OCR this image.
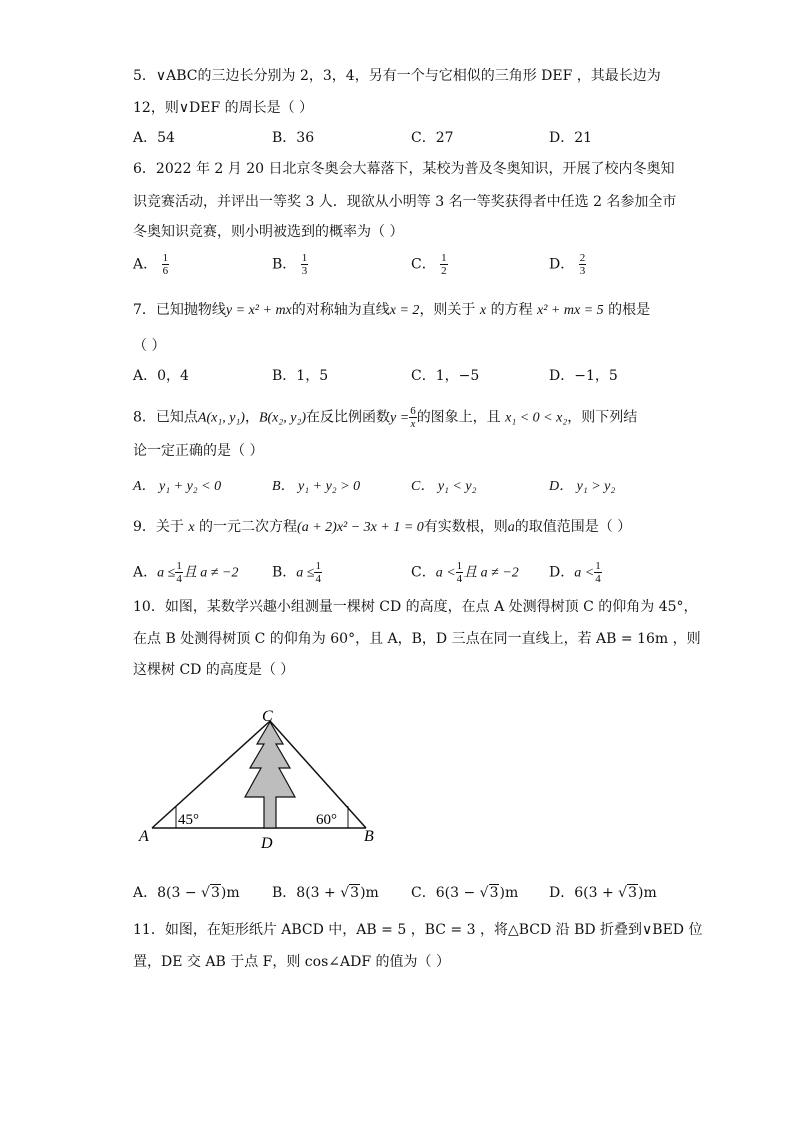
5．∨ABC的三边长分别为 2，3，4，另有一个与它相似的三角形 DEF ，其最长边为
12，则∨DEF 的周长是（ ）
A．54	B．36	C．27	D．21
6．2022 年 2 月 20 日北京冬奥会大幕落下，某校为普及冬奥知识，开展了校内冬奥知
识竞赛活动，并评出一等奖 3 人．现欲从小明等 3 名一等奖获得者中任选 2 名参加全市
冬奥知识竞赛，则小明被选到的概率为（ ）
A． $\frac{1}{6}$	B． $\frac{1}{3}$	C． $\frac{1}{2}$	D． $\frac{2}{3}$
7．已知抛物线y = x² + mx的对称轴为直线x = 2，则关于 x 的方程 x² + mx = 5 的根是
（ ）
A．0，4	B．1，5	C．1，−5	D．−1，5
8．已知点A(x₁, y₁)，B(x₂, y₂)在反比例函数$y = \frac{6}{x}$ 的图象上，且 x₁ < 0 < x₂，则下列结
论一定正确的是（ ）
A． y₁ + y₂ < 0	B． y₁ + y₂ > 0	C． y₁ < y₂	D． y₁ > y₂
9．关于 x 的一元二次方程(a + 2)x² − 3x + 1 = 0有实数根，则a的取值范围是（ ）
A．$a \le \frac{1}{4}$ 且 a ≠ −2 B．$a \le \frac{1}{4}$	C．$a < \frac{1}{4}$ 且 a ≠ −2 D．$a < \frac{1}{4}$
10．如图，某数学兴趣小组测量一棵树 CD 的高度，在点 A 处测得树顶 C 的仰角为 45°，
在点 B 处测得树顶 C 的仰角为 60°，且 A，B，D 三点在同一直线上，若 AB = 16m ，则
这棵树 CD 的高度是（ ）
45°	60°
C
A	D	B
A．8(3 − √3)m B．8(3 + √3)m C．6(3 − √3)m D．6(3 + √3)m
11．如图，在矩形纸片 ABCD 中，AB = 5 ，BC = 3 ，将△BCD 沿 BD 折叠到∨BED 位
置，DE 交 AB 于点 F，则 cos∠ADF 的值为（ ）
